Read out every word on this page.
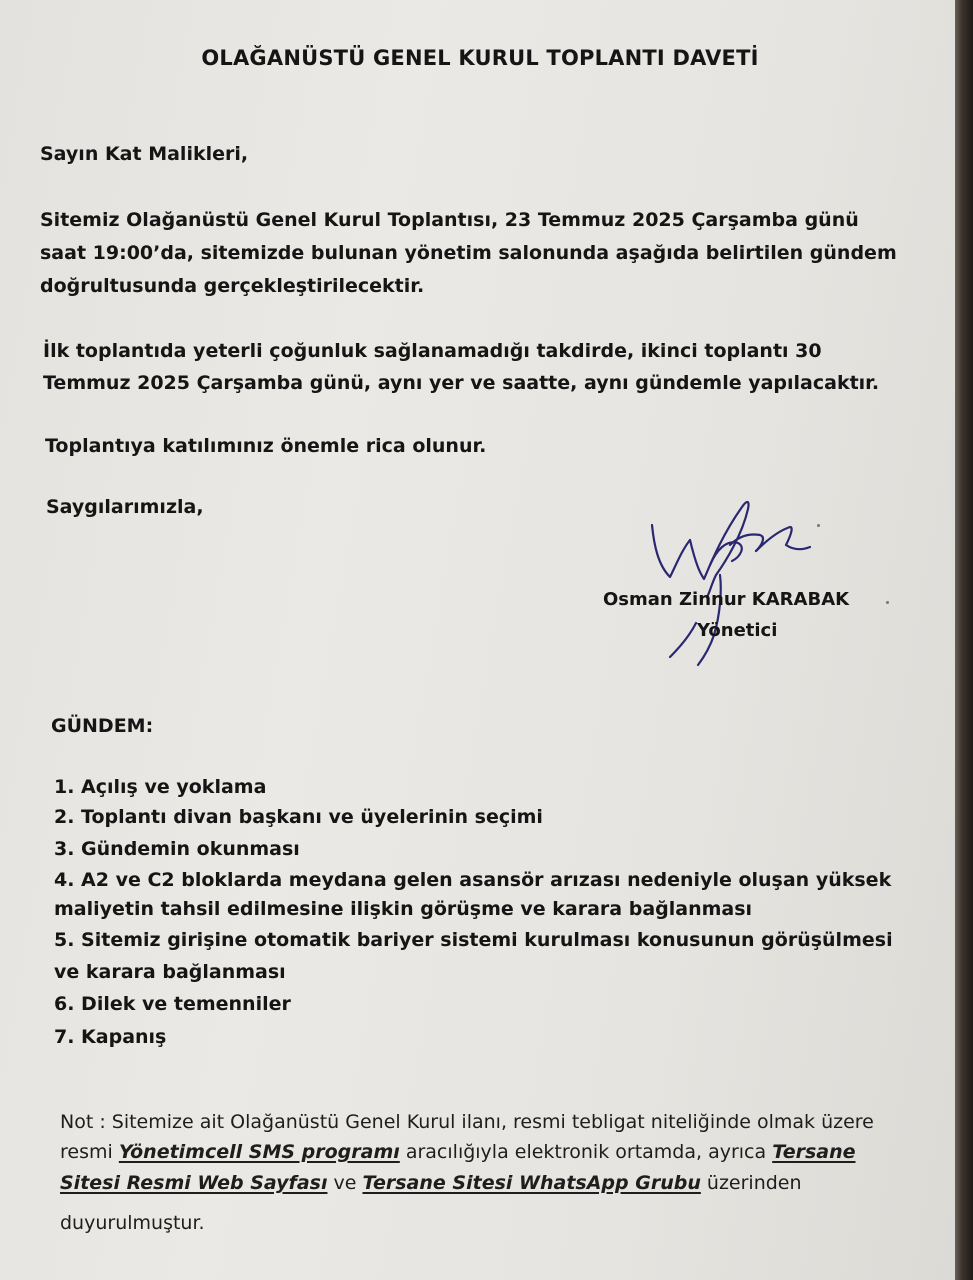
OLAĞANÜSTÜ GENEL KURUL TOPLANTI DAVETİ

Sayın Kat Malikleri,

Sitemiz Olağanüstü Genel Kurul Toplantısı, 23 Temmuz 2025 Çarşamba günü

saat 19:00’da, sitemizde bulunan yönetim salonunda aşağıda belirtilen gündem

doğrultusunda gerçekleştirilecektir.

İlk toplantıda yeterli çoğunluk sağlanamadığı takdirde, ikinci toplantı 30

Temmuz 2025 Çarşamba günü, aynı yer ve saatte, aynı gündemle yapılacaktır.

Toplantıya katılımınız önemle rica olunur.

Saygılarımızla,

Osman Zinnur KARABAK

Yönetici

GÜNDEM:

1. Açılış ve yoklama

2. Toplantı divan başkanı ve üyelerinin seçimi

3. Gündemin okunması

4. A2 ve C2 bloklarda meydana gelen asansör arızası nedeniyle oluşan yüksek

maliyetin tahsil edilmesine ilişkin görüşme ve karara bağlanması

5. Sitemiz girişine otomatik bariyer sistemi kurulması konusunun görüşülmesi

ve karara bağlanması

6. Dilek ve temenniler

7. Kapanış

Not : Sitemize ait Olağanüstü Genel Kurul ilanı, resmi tebligat niteliğinde olmak üzere

resmi Yönetimcell SMS programı aracılığıyla elektronik ortamda, ayrıca Tersane

Sitesi Resmi Web Sayfası ve Tersane Sitesi WhatsApp Grubu üzerinden

duyurulmuştur.
